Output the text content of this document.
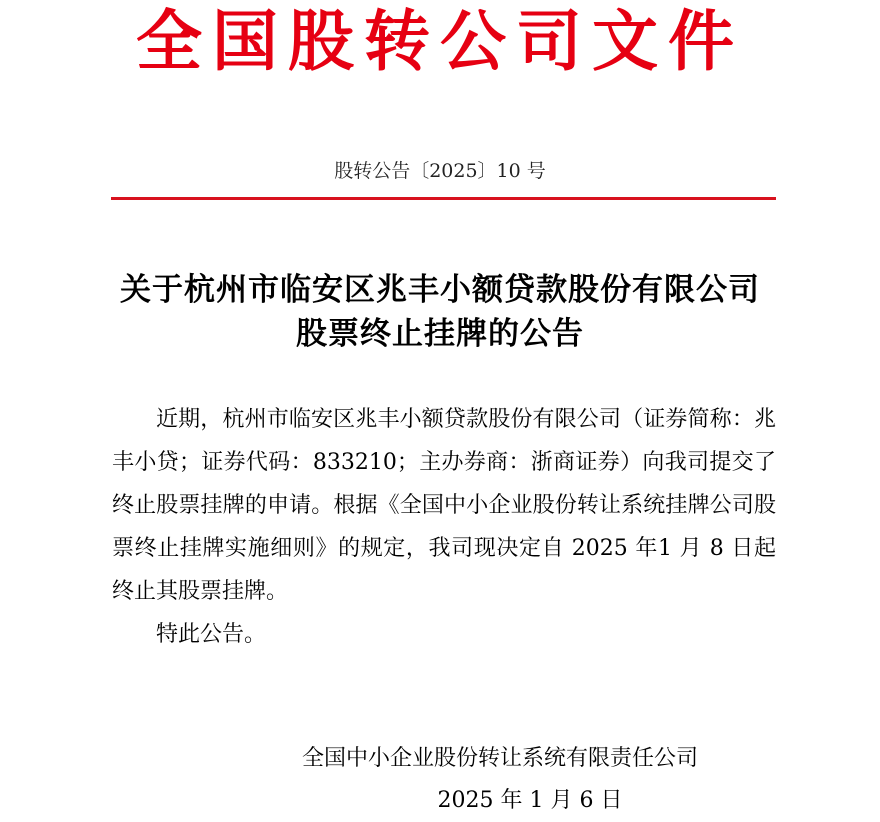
全国股转公司文件
股转公告〔2025〕10 号
关于杭州市临安区兆丰小额贷款股份有限公司
股票终止挂牌的公告

近期，杭州市临安区兆丰小额贷款股份有限公司（证券简称：兆丰小贷；证券代码：833210；主办券商：浙商证券）向我司提交了终止股票挂牌的申请。根据《全国中小企业股份转让系统挂牌公司股票终止挂牌实施细则》的规定，我司现决定自 2025 年1 月 8 日起终止其股票挂牌。

特此公告。

全国中小企业股份转让系统有限责任公司
2025 年 1 月 6 日
